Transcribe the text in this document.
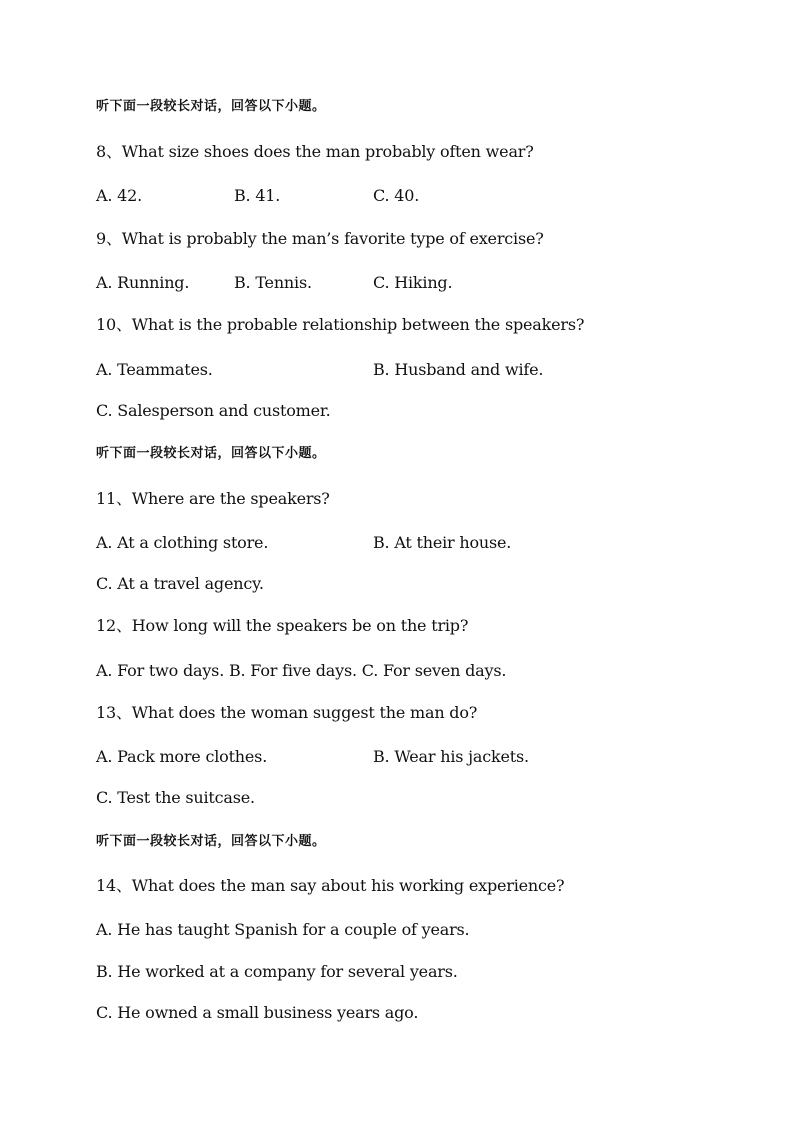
听下面一段较长对话，回答以下小题。
8、What size shoes does the man probably often wear?
A. 42.	B. 41.	C. 40.
9、What is probably the man’s favorite type of exercise?
A. Running.	B. Tennis.	C. Hiking.
10、What is the probable relationship between the speakers?
A. Teammates.	B. Husband and wife.
C. Salesperson and customer.
听下面一段较长对话，回答以下小题。
11、Where are the speakers?
A. At a clothing store.	B. At their house.
C. At a travel agency.
12、How long will the speakers be on the trip?
A. For two days. B. For five days. C. For seven days.
13、What does the woman suggest the man do?
A. Pack more clothes.	B. Wear his jackets.
C. Test the suitcase.
听下面一段较长对话，回答以下小题。
14、What does the man say about his working experience?
A. He has taught Spanish for a couple of years.
B. He worked at a company for several years.
C. He owned a small business years ago.
